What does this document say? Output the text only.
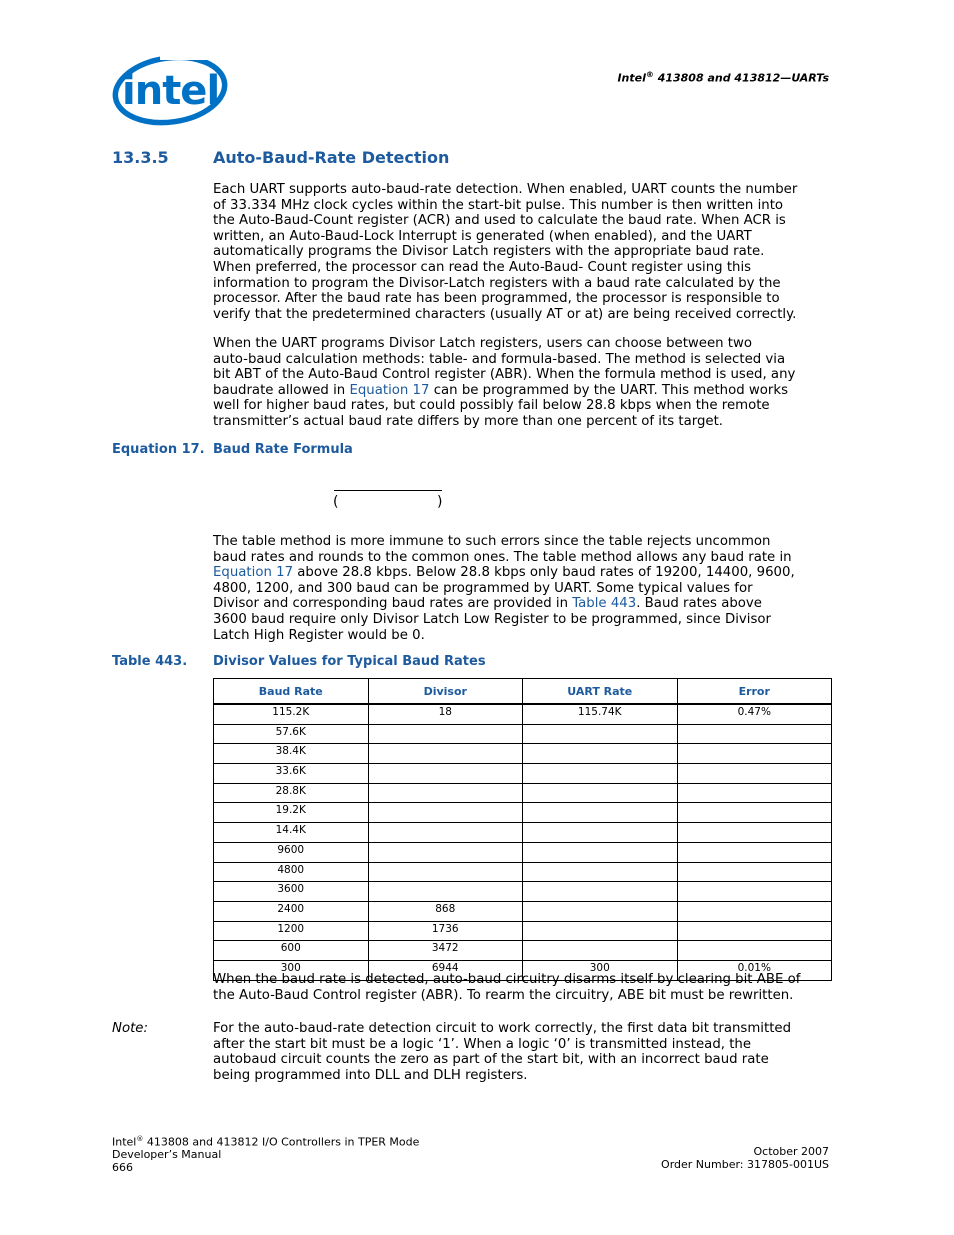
intel	Intel® 413808 and 413812—UARTs
13.3.5	Auto-Baud-Rate Detection
Each UART supports auto-baud-rate detection. When enabled, UART counts the number
of 33.334 MHz clock cycles within the start-bit pulse. This number is then written into
the Auto-Baud-Count register (ACR) and used to calculate the baud rate. When ACR is
written, an Auto-Baud-Lock Interrupt is generated (when enabled), and the UART
automatically programs the Divisor Latch registers with the appropriate baud rate.
When preferred, the processor can read the Auto-Baud- Count register using this
information to program the Divisor-Latch registers with a baud rate calculated by the
processor. After the baud rate has been programmed, the processor is responsible to
verify that the predetermined characters (usually AT or at) are being received correctly.
When the UART programs Divisor Latch registers, users can choose between two
auto-baud calculation methods: table- and formula-based. The method is selected via
bit ABT of the Auto-Baud Control register (ABR). When the formula method is used, any
baudrate allowed in Equation 17 can be programmed by the UART. This method works
well for higher baud rates, but could possibly fail below 28.8 kbps when the remote
transmitter’s actual baud rate differs by more than one percent of its target.
Equation 17. Baud Rate Formula
(	)
The table method is more immune to such errors since the table rejects uncommon
baud rates and rounds to the common ones. The table method allows any baud rate in
Equation 17 above 28.8 kbps. Below 28.8 kbps only baud rates of 19200, 14400, 9600,
4800, 1200, and 300 baud can be programmed by UART. Some typical values for
Divisor and corresponding baud rates are provided in Table 443. Baud rates above
3600 baud require only Divisor Latch Low Register to be programmed, since Divisor
Latch High Register would be 0.
Table 443. Divisor Values for Typical Baud Rates
Baud Rate	Divisor	UART Rate	Error
115.2K	18	115.74K	0.47%
57.6K			
38.4K			
33.6K			
28.8K			
19.2K			
14.4K			
9600			
4800			
3600			
2400	868		
1200	1736		
600	3472		
300	6944	300	0.01%
When the baud rate is detected, auto-baud circuitry disarms itself by clearing bit ABE of
the Auto-Baud Control register (ABR). To rearm the circuitry, ABE bit must be rewritten.
Note:	For the auto-baud-rate detection circuit to work correctly, the first data bit transmitted
after the start bit must be a logic ‘1’. When a logic ‘0’ is transmitted instead, the
autobaud circuit counts the zero as part of the start bit, with an incorrect baud rate
being programmed into DLL and DLH registers.
Intel® 413808 and 413812 I/O Controllers in TPER Mode
Developer’s Manual
666
October 2007
Order Number: 317805-001US
